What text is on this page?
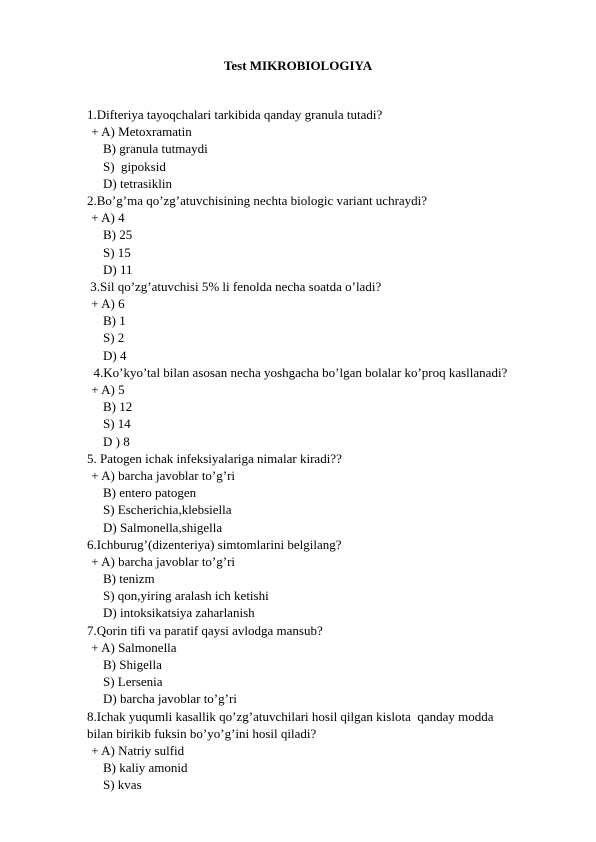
Test MIKROBIOLOGIYA
1.Difteriya tayoqchalari tarkibida qanday granula tutadi?
+ A) Metoxramatin
B) granula tutmaydi
S)  gipoksid
D) tetrasiklin
2.Bo’g’ma qo’zg’atuvchisining nechta biologic variant uchraydi?
+ A) 4
B) 25
S) 15
D) 11
3.Sil qo’zg’atuvchisi 5% li fenolda necha soatda o’ladi?
+ A) 6
B) 1
S) 2
D) 4
4.Ko’kyo’tal bilan asosan necha yoshgacha bo’lgan bolalar ko’proq kasllanadi?
+ A) 5
B) 12
S) 14
D ) 8
5. Patogen ichak infeksiyalariga nimalar kiradi??
+ A) barcha javoblar to’g’ri
B) entero patogen
S) Escherichia,klebsiella
D) Salmonella,shigella
6.Ichburug’(dizenteriya) simtomlarini belgilang?
+ A) barcha javoblar to’g’ri
B) tenizm
S) qon,yiring aralash ich ketishi
D) intoksikatsiya zaharlanish
7.Qorin tifi va paratif qaysi avlodga mansub?
+ A) Salmonella
B) Shigella
S) Lersenia
D) barcha javoblar to’g’ri
8.Ichak yuqumli kasallik qo’zg’atuvchilari hosil qilgan kislota  qanday modda
bilan birikib fuksin bo’yo’g’ini hosil qiladi?
+ A) Natriy sulfid
B) kaliy amonid
S) kvas
